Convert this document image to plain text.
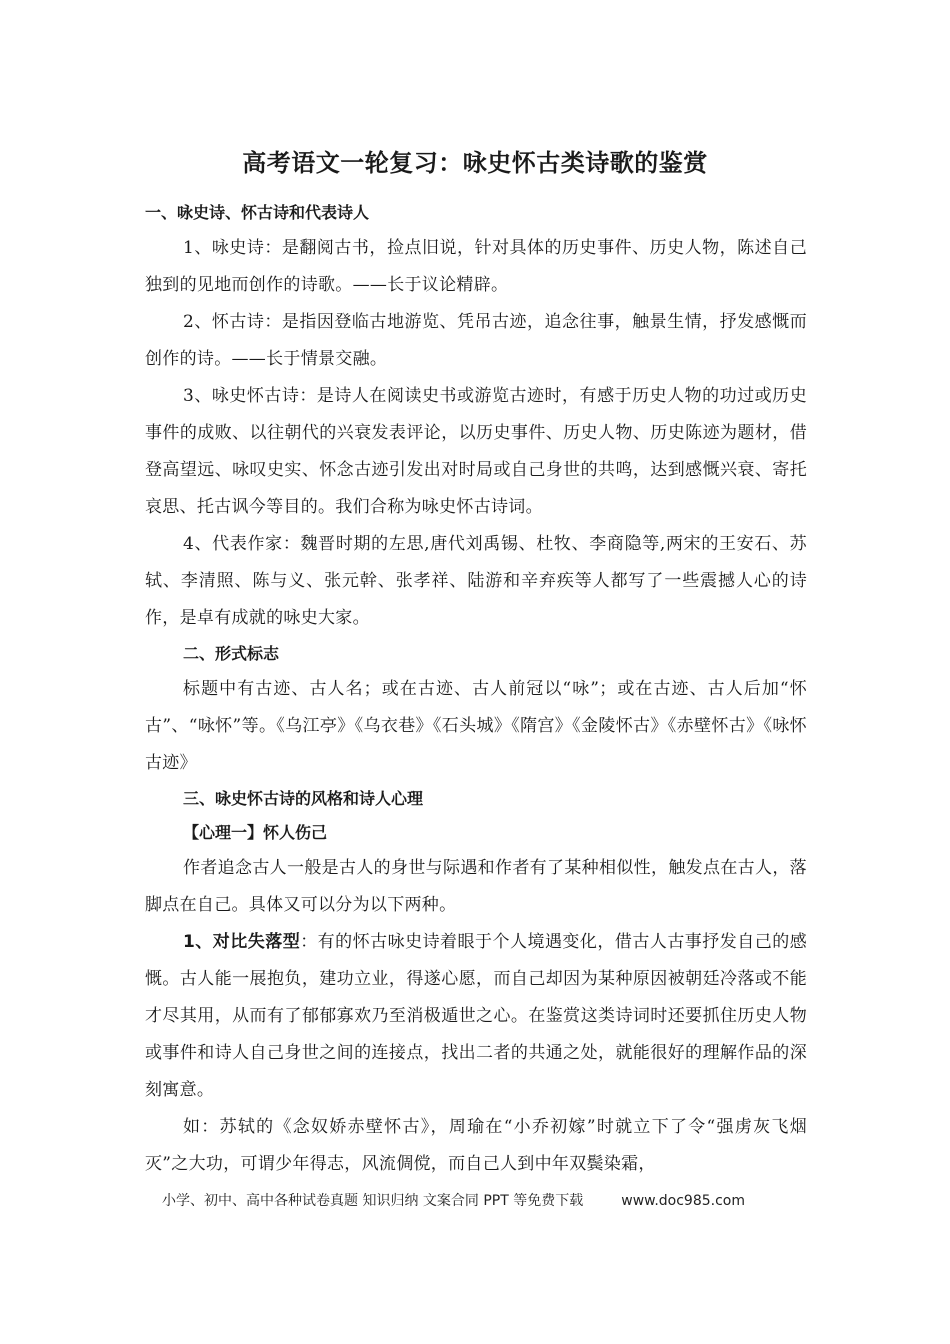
高考语文一轮复习：咏史怀古类诗歌的鉴赏

一、咏史诗、怀古诗和代表诗人

1、咏史诗：是翻阅古书，捡点旧说，针对具体的历史事件、历史人物，陈述自己独到的见地而创作的诗歌。——长于议论精辟。

2、怀古诗：是指因登临古地游览、凭吊古迹，追念往事，触景生情，抒发感慨而创作的诗。——长于情景交融。

3、咏史怀古诗：是诗人在阅读史书或游览古迹时，有感于历史人物的功过或历史事件的成败、以往朝代的兴衰发表评论，以历史事件、历史人物、历史陈迹为题材，借登高望远、咏叹史实、怀念古迹引发出对时局或自己身世的共鸣，达到感慨兴衰、寄托哀思、托古讽今等目的。我们合称为咏史怀古诗词。

4、代表作家：魏晋时期的左思,唐代刘禹锡、杜牧、李商隐等,两宋的王安石、苏轼、李清照、陈与义、张元幹、张孝祥、陆游和辛弃疾等人都写了一些震撼人心的诗作，是卓有成就的咏史大家。

二、形式标志

标题中有古迹、古人名；或在古迹、古人前冠以“咏”；或在古迹、古人后加“怀古”、“咏怀”等。《乌江亭》《乌衣巷》《石头城》《隋宫》《金陵怀古》《赤壁怀古》《咏怀古迹》

三、咏史怀古诗的风格和诗人心理

【心理一】怀人伤己

作者追念古人一般是古人的身世与际遇和作者有了某种相似性，触发点在古人，落脚点在自己。具体又可以分为以下两种。

1、对比失落型：有的怀古咏史诗着眼于个人境遇变化，借古人古事抒发自己的感慨。古人能一展抱负，建功立业，得遂心愿，而自己却因为某种原因被朝廷冷落或不能才尽其用，从而有了郁郁寡欢乃至消极遁世之心。在鉴赏这类诗词时还要抓住历史人物或事件和诗人自己身世之间的连接点，找出二者的共通之处，就能很好的理解作品的深刻寓意。

如：苏轼的《念奴娇赤壁怀古》，周瑜在“小乔初嫁”时就立下了令“强虏灰飞烟灭”之大功，可谓少年得志，风流倜傥，而自己人到中年双鬓染霜，

小学、初中、高中各种试卷真题 知识归纳 文案合同 PPT 等免费下载	www.doc985.com
